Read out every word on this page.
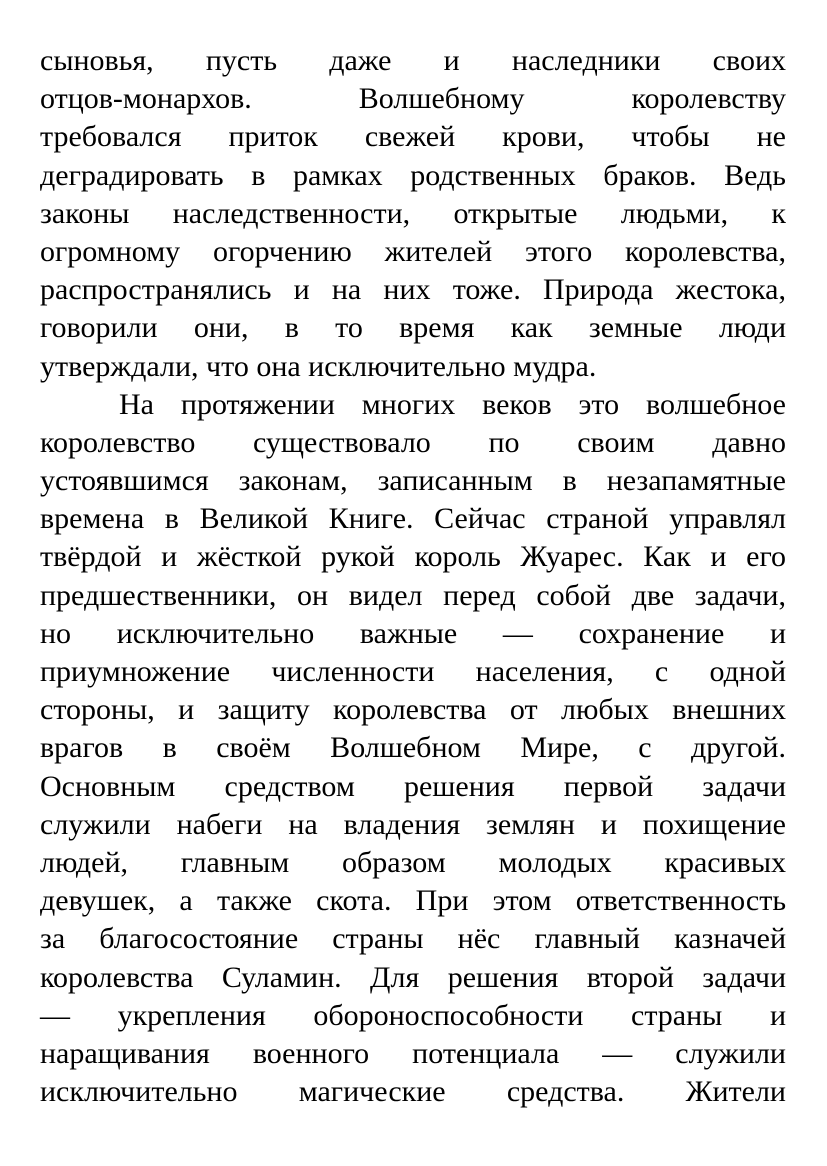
сыновья, пусть даже и наследники своих
отцов-монархов. Волшебному королевству
требовался приток свежей крови, чтобы не
деградировать в рамках родственных браков. Ведь
законы наследственности, открытые людьми, к
огромному огорчению жителей этого королевства,
распространялись и на них тоже. Природа жестока,
говорили они, в то время как земные люди
утверждали, что она исключительно мудра.
На протяжении многих веков это волшебное
королевство существовало по своим давно
устоявшимся законам, записанным в незапамятные
времена в Великой Книге. Сейчас страной управлял
твёрдой и жёсткой рукой король Жуарес. Как и его
предшественники, он видел перед собой две задачи,
но исключительно важные — сохранение и
приумножение численности населения, с одной
стороны, и защиту королевства от любых внешних
врагов в своём Волшебном Мире, с другой.
Основным средством решения первой задачи
служили набеги на владения землян и похищение
людей, главным образом молодых красивых
девушек, а также скота. При этом ответственность
за благосостояние страны нёс главный казначей
королевства Суламин. Для решения второй задачи
— укрепления обороноспособности страны и
наращивания военного потенциала — служили
исключительно магические средства. Жители
